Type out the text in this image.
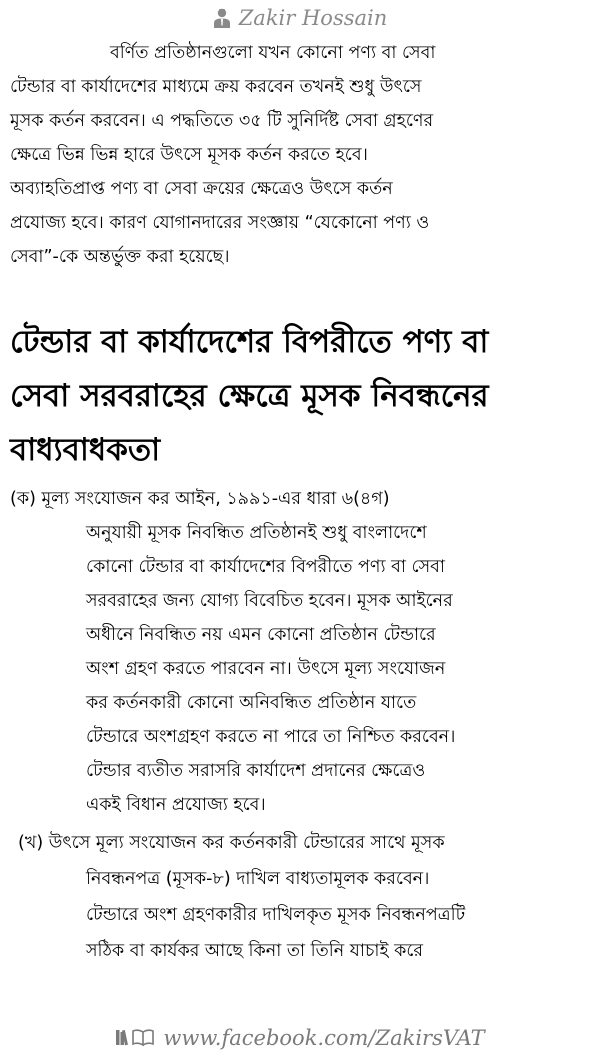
Zakir Hossain
বর্ণিত প্রতিষ্ঠানগুলো যখন কোনো পণ্য বা সেবা
টেন্ডার বা কার্যাদেশের মাধ্যমে ক্রয় করবেন তখনই শুধু উৎসে
মূসক কর্তন করবেন। এ পদ্ধতিতে ৩৫ টি সুনির্দিষ্ট সেবা গ্রহণের
ক্ষেত্রে ভিন্ন ভিন্ন হারে উৎসে মূসক কর্তন করতে হবে।
অব্যাহতিপ্রাপ্ত পণ্য বা সেবা ক্রয়ের ক্ষেত্রেও উৎসে কর্তন
প্রযোজ্য হবে। কারণ যোগানদারের সংজ্ঞায় “যেকোনো পণ্য ও
সেবা”-কে অন্তর্ভুক্ত করা হয়েছে।
টেন্ডার বা কার্যাদেশের বিপরীতে পণ্য বা
সেবা সরবরাহের ক্ষেত্রে মূসক নিবন্ধনের
বাধ্যবাধকতা
(ক) মূল্য সংযোজন কর আইন, ১৯৯১-এর ধারা ৬(৪গ)
অনুযায়ী মূসক নিবন্ধিত প্রতিষ্ঠানই শুধু বাংলাদেশে
কোনো টেন্ডার বা কার্যাদেশের বিপরীতে পণ্য বা সেবা
সরবরাহের জন্য যোগ্য বিবেচিত হবেন। মূসক আইনের
অধীনে নিবন্ধিত নয় এমন কোনো প্রতিষ্ঠান টেন্ডারে
অংশ গ্রহণ করতে পারবেন না। উৎসে মূল্য সংযোজন
কর কর্তনকারী কোনো অনিবন্ধিত প্রতিষ্ঠান যাতে
টেন্ডারে অংশগ্রহণ করতে না পারে তা নিশ্চিত করবেন।
টেন্ডার ব্যতীত সরাসরি কার্যাদেশ প্রদানের ক্ষেত্রেও
একই বিধান প্রযোজ্য হবে।
(খ) উৎসে মূল্য সংযোজন কর কর্তনকারী টেন্ডারের সাথে মূসক
নিবন্ধনপত্র (মূসক-৮) দাখিল বাধ্যতামূলক করবেন।
টেন্ডারে অংশ গ্রহণকারীর দাখিলকৃত মূসক নিবন্ধনপত্রটি
সঠিক বা কার্যকর আছে কিনা তা তিনি যাচাই করে
www.facebook.com/ZakirsVAT
